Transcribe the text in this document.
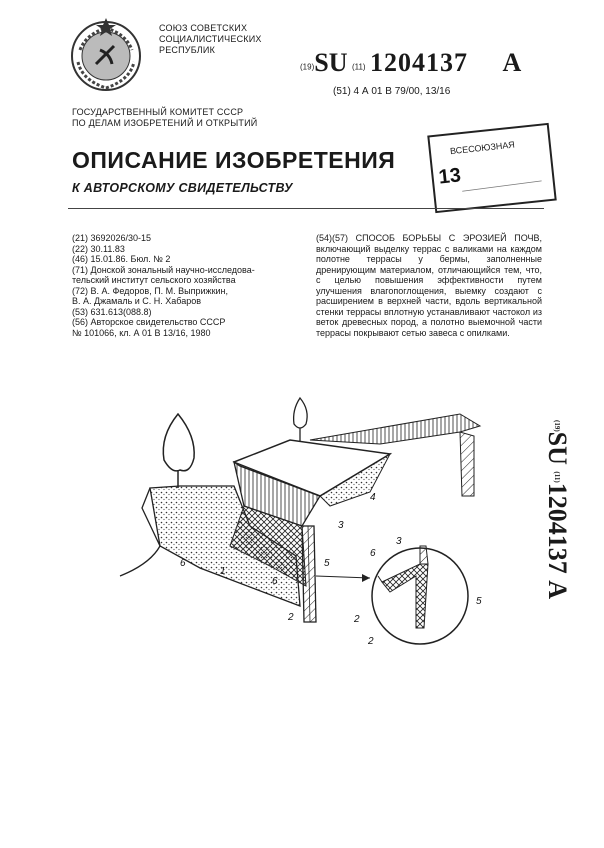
СОЮЗ СОВЕТСКИХ
СОЦИАЛИСТИЧЕСКИХ
РЕСПУБЛИК
(19)SU (11) 1204137 A
(51) 4 А 01 В 79/00, 13/16
ГОСУДАРСТВЕННЫЙ КОМИТЕТ СССР
ПО ДЕЛАМ ИЗОБРЕТЕНИЙ И ОТКРЫТИЙ
ОПИСАНИЕ ИЗОБРЕТЕНИЯ
К АВТОРСКОМУ СВИДЕТЕЛЬСТВУ
ВСЕСОЮЗНАЯ
13
(21) 3692026/30-15
(22) 30.11.83
(46) 15.01.86. Бюл. № 2
(71) Донской зональный научно-исследова-
тельский институт сельского хозяйства
(72) В. А. Федоров, П. М. Выприжкин,
В. А. Джамаль и С. Н. Хабаров
(53) 631.613(088.8)
(56) Авторское свидетельство СССР
№ 101066, кл. А 01 В 13/16, 1980
(54)(57) СПОСОБ БОРЬБЫ С ЭРОЗИЕЙ ПОЧВ, включающий выделку террас с валиками на каждом полотне террасы у бермы, заполненные дренирующим материалом, отличающийся тем, что, с целью повышения эффективности путем улучшения влагопоглощения, выемку создают с расширением в верхней части, вдоль вертикальной стенки террасы вплотную устанавливают частокол из веток древесных пород, а полотно выемочной части террасы покрывают сетью завеса с опилками.
1
2
3
4
5
6
6
6
3
5
2
2
(19)SU (11)1204137 A
